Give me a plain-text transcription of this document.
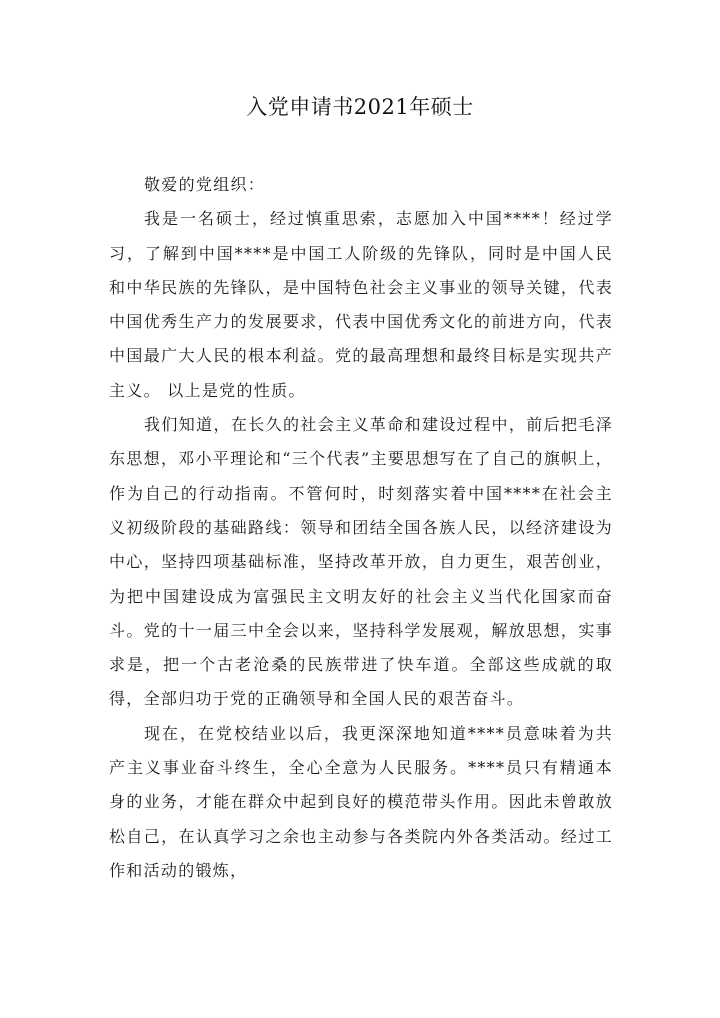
入党申请书2021年硕士

敬爱的党组织：

我是一名硕士，经过慎重思索，志愿加入中国****！经过学习，了解到中国****是中国工人阶级的先锋队，同时是中国人民和中华民族的先锋队，是中国特色社会主义事业的领导关键，代表中国优秀生产力的发展要求，代表中国优秀文化的前进方向，代表中国最广大人民的根本利益。党的最高理想和最终目标是实现共产主义。 以上是党的性质。

我们知道，在长久的社会主义革命和建设过程中，前后把毛泽东思想，邓小平理论和“三个代表”主要思想写在了自己的旗帜上，作为自己的行动指南。不管何时，时刻落实着中国****在社会主义初级阶段的基础路线：领导和团结全国各族人民，以经济建设为中心，坚持四项基础标准，坚持改革开放，自力更生，艰苦创业，为把中国建设成为富强民主文明友好的社会主义当代化国家而奋斗。党的十一届三中全会以来，坚持科学发展观，解放思想，实事求是，把一个古老沧桑的民族带进了快车道。全部这些成就的取得，全部归功于党的正确领导和全国人民的艰苦奋斗。

现在，在党校结业以后，我更深深地知道****员意味着为共产主义事业奋斗终生，全心全意为人民服务。****员只有精通本身的业务，才能在群众中起到良好的模范带头作用。因此未曾敢放松自己，在认真学习之余也主动参与各类院内外各类活动。经过工作和活动的锻炼，
